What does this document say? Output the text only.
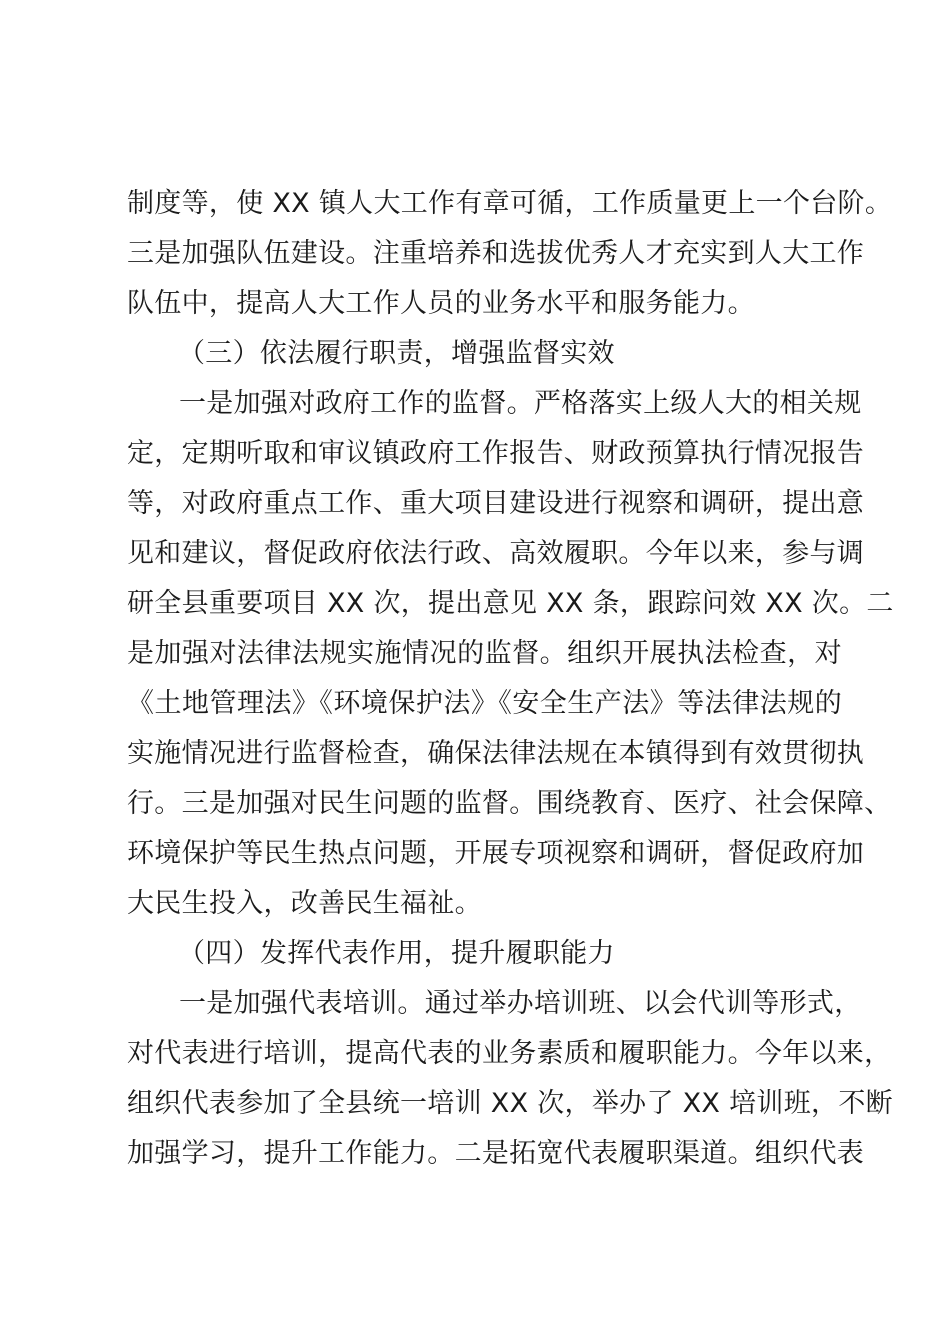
制度等，使 XX 镇人大工作有章可循，工作质量更上一个台阶。
三是加强队伍建设。注重培养和选拔优秀人才充实到人大工作
队伍中，提高人大工作人员的业务水平和服务能力。
（三）依法履行职责，增强监督实效
一是加强对政府工作的监督。严格落实上级人大的相关规
定，定期听取和审议镇政府工作报告、财政预算执行情况报告
等，对政府重点工作、重大项目建设进行视察和调研，提出意
见和建议，督促政府依法行政、高效履职。今年以来，参与调
研全县重要项目 XX 次，提出意见 XX 条，跟踪问效 XX 次。二
是加强对法律法规实施情况的监督。组织开展执法检查，对
《土地管理法》《环境保护法》《安全生产法》等法律法规的
实施情况进行监督检查，确保法律法规在本镇得到有效贯彻执
行。三是加强对民生问题的监督。围绕教育、医疗、社会保障、
环境保护等民生热点问题，开展专项视察和调研，督促政府加
大民生投入，改善民生福祉。
（四）发挥代表作用，提升履职能力
一是加强代表培训。通过举办培训班、以会代训等形式，
对代表进行培训，提高代表的业务素质和履职能力。今年以来，
组织代表参加了全县统一培训 XX 次，举办了 XX 培训班，不断
加强学习，提升工作能力。二是拓宽代表履职渠道。组织代表
